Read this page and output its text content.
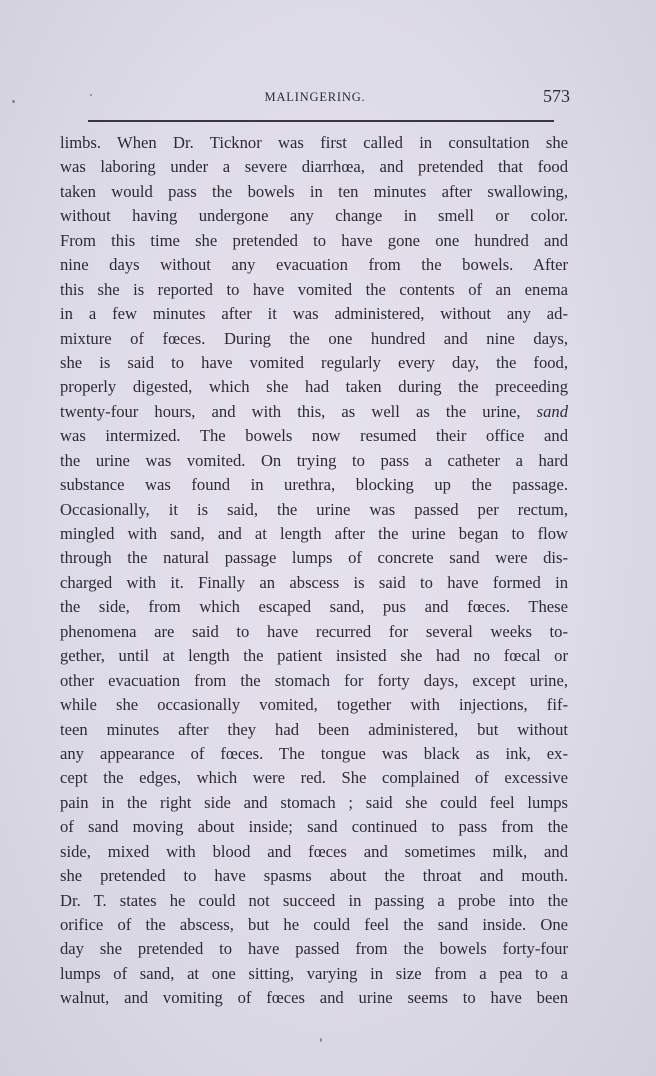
MALINGERING.	573
limbs. When Dr. Ticknor was first called in consultation she
was laboring under a severe diarrhœa, and pretended that food
taken would pass the bowels in ten minutes after swallowing,
without having undergone any change in smell or color.
From this time she pretended to have gone one hundred and
nine days without any evacuation from the bowels. After
this she is reported to have vomited the contents of an enema
in a few minutes after it was administered, without any ad-
mixture of fœces. During the one hundred and nine days,
she is said to have vomited regularly every day, the food,
properly digested, which she had taken during the preceeding
twenty-four hours, and with this, as well as the urine, sand
was intermized. The bowels now resumed their office and
the urine was vomited. On trying to pass a catheter a hard
substance was found in urethra, blocking up the passage.
Occasionally, it is said, the urine was passed per rectum,
mingled with sand, and at length after the urine began to flow
through the natural passage lumps of concrete sand were dis-
charged with it. Finally an abscess is said to have formed in
the side, from which escaped sand, pus and fœces. These
phenomena are said to have recurred for several weeks to-
gether, until at length the patient insisted she had no fœcal or
other evacuation from the stomach for forty days, except urine,
while she occasionally vomited, together with injections, fif-
teen minutes after they had been administered, but without
any appearance of fœces. The tongue was black as ink, ex-
cept the edges, which were red. She complained of excessive
pain in the right side and stomach ; said she could feel lumps
of sand moving about inside; sand continued to pass from the
side, mixed with blood and fœces and sometimes milk, and
she pretended to have spasms about the throat and mouth.
Dr. T. states he could not succeed in passing a probe into the
orifice of the abscess, but he could feel the sand inside. One
day she pretended to have passed from the bowels forty-four
lumps of sand, at one sitting, varying in size from a pea to a
walnut, and vomiting of fœces and urine seems to have been
